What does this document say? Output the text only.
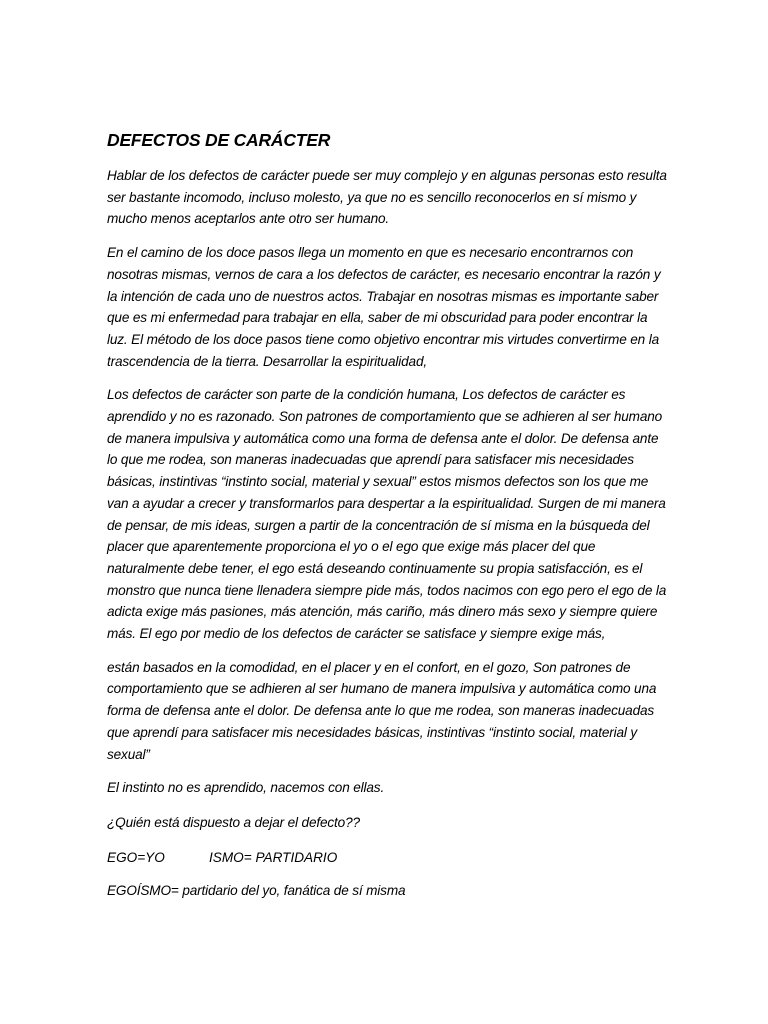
DEFECTOS DE CARÁCTER

Hablar de los defectos de carácter puede ser muy complejo y en algunas personas esto resulta ser bastante incomodo, incluso molesto, ya que no es sencillo reconocerlos en sí mismo y mucho menos aceptarlos ante otro ser humano.

En el camino de los doce pasos llega un momento en que es necesario encontrarnos con nosotras mismas, vernos de cara a los defectos de carácter, es necesario encontrar la razón y la intención de cada uno de nuestros actos. Trabajar en nosotras mismas es importante saber que es mi enfermedad para trabajar en ella, saber de mi obscuridad para poder encontrar la luz. El método de los doce pasos tiene como objetivo encontrar mis virtudes convertirme en la trascendencia de la tierra. Desarrollar la espiritualidad,

Los defectos de carácter son parte de la condición humana, Los defectos de carácter es aprendido y no es razonado. Son patrones de comportamiento que se adhieren al ser humano de manera impulsiva y automática como una forma de defensa ante el dolor. De defensa ante lo que me rodea, son maneras inadecuadas que aprendí para satisfacer mis necesidades básicas, instintivas “instinto social, material y sexual” estos mismos defectos son los que me van a ayudar a crecer y transformarlos para despertar a la espiritualidad. Surgen de mi manera de pensar, de mis ideas, surgen a partir de la concentración de sí misma en la búsqueda del placer que aparentemente proporciona el yo o el ego que exige más placer del que naturalmente debe tener, el ego está deseando continuamente su propia satisfacción, es el monstro que nunca tiene llenadera siempre pide más, todos nacimos con ego pero el ego de la adicta exige más pasiones, más atención, más cariño, más dinero más sexo y siempre quiere más. El ego por medio de los defectos de carácter se satisface y siempre exige más,

están basados en la comodidad, en el placer y en el confort, en el gozo, Son patrones de comportamiento que se adhieren al ser humano de manera impulsiva y automática como una forma de defensa ante el dolor. De defensa ante lo que me rodea, son maneras inadecuadas que aprendí para satisfacer mis necesidades básicas, instintivas “instinto social, material y sexual”

El instinto no es aprendido, nacemos con ellas.

¿Quién está dispuesto a dejar el defecto??

EGO=YO	ISMO= PARTIDARIO

EGOÍSMO= partidario del yo, fanática de sí misma
